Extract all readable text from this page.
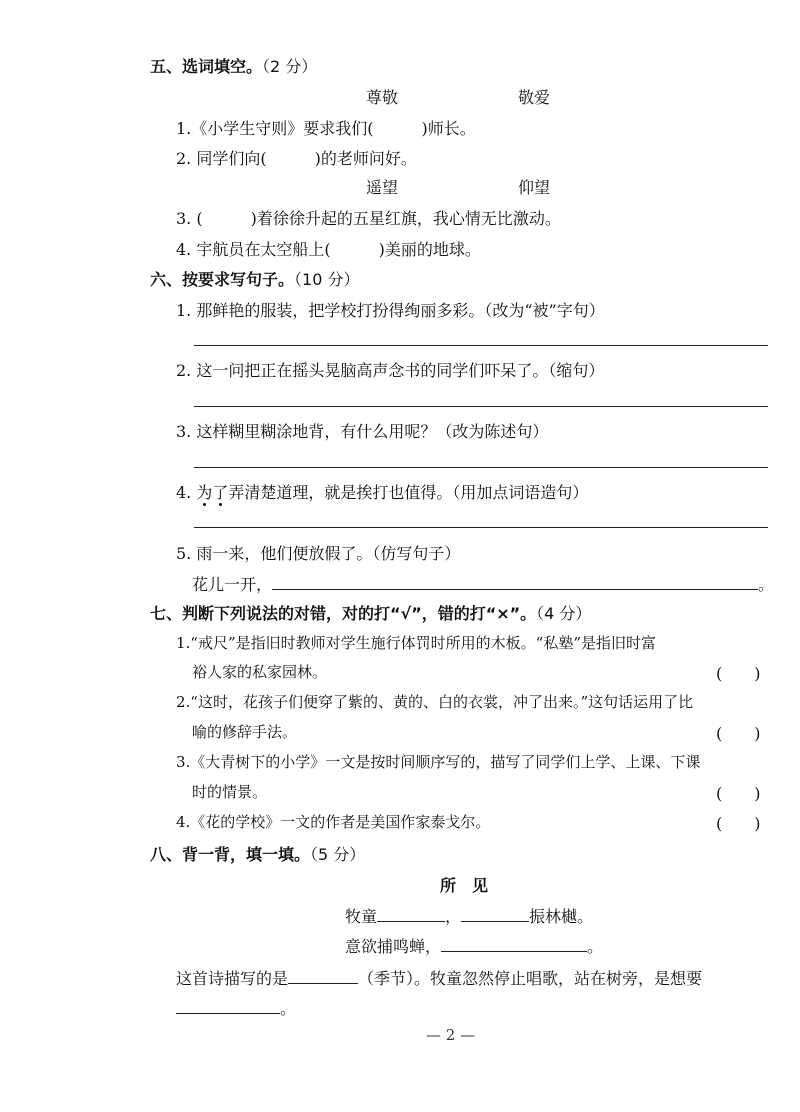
五、选词填空。（2 分）
尊敬	敬爱
1.《小学生守则》要求我们(　　　)师长。
2. 同学们向(　　　)的老师问好。
遥望	仰望
3. (　　　)着徐徐升起的五星红旗，我心情无比激动。
4. 宇航员在太空船上(　　　)美丽的地球。
六、按要求写句子。（10 分）
1. 那鲜艳的服装，把学校打扮得绚丽多彩。（改为“被”字句）
2. 这一问把正在摇头晃脑高声念书的同学们吓呆了。（缩句）
3. 这样糊里糊涂地背，有什么用呢？（改为陈述句）
4. 为了弄清楚道理，就是挨打也值得。（用加点词语造句）
5. 雨一来，他们便放假了。（仿写句子）
花儿一开，	。
七、判断下列说法的对错，对的打“√”，错的打“×”。（4 分）
1.“戒尺”是指旧时教师对学生施行体罚时所用的木板。“私塾”是指旧时富
裕人家的私家园林。	(　　)
2.“这时，花孩子们便穿了紫的、黄的、白的衣裳，冲了出来。”这句话运用了比
喻的修辞手法。	(　　)
3.《大青树下的小学》一文是按时间顺序写的，描写了同学们上学、上课、下课
时的情景。	(　　)
4.《花的学校》一文的作者是美国作家泰戈尔。	(　　)
八、背一背，填一填。（5 分）
所　见
牧童	，	振林樾。
意欲捕鸣蝉，	。
这首诗描写的是	（季节）。牧童忽然停止唱歌，站在树旁，是想要
。
— 2 —
